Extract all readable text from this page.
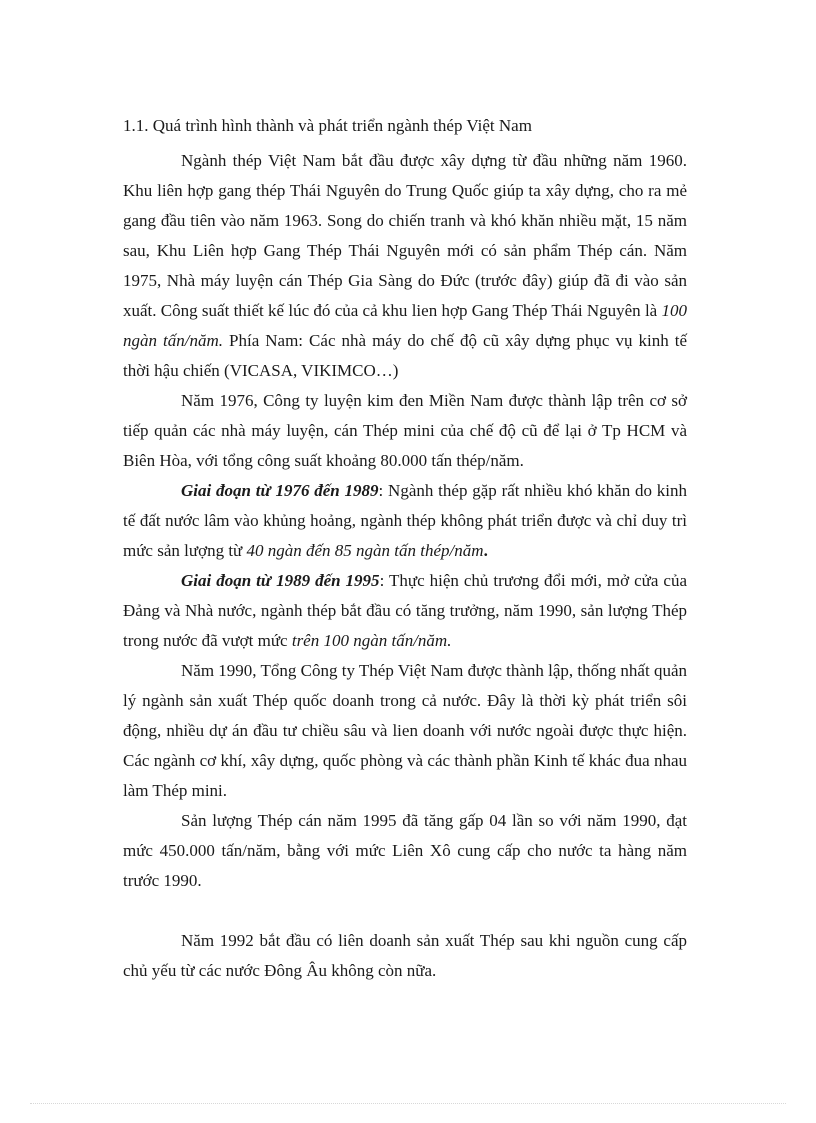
1.1. Quá trình hình thành và phát triển ngành thép Việt Nam

Ngành thép Việt Nam bắt đầu được xây dựng từ đầu những năm 1960. Khu liên hợp gang thép Thái Nguyên do Trung Quốc giúp ta xây dựng, cho ra mẻ gang đầu tiên vào năm 1963. Song do chiến tranh và khó khăn nhiều mặt, 15 năm sau, Khu Liên hợp Gang Thép Thái Nguyên mới có sản phẩm Thép cán. Năm 1975, Nhà máy luyện cán Thép Gia Sàng do Đức (trước đây) giúp đã đi vào sản xuất. Công suất thiết kế lúc đó của cả khu lien hợp Gang Thép Thái Nguyên là 100 ngàn tấn/năm. Phía Nam: Các nhà máy do chế độ cũ xây dựng phục vụ kinh tế thời hậu chiến (VICASA, VIKIMCO…)

Năm 1976, Công ty luyện kim đen Miền Nam được thành lập trên cơ sở tiếp quản các nhà máy luyện, cán Thép mini của chế độ cũ để lại ở Tp HCM và Biên Hòa, với tổng công suất khoảng 80.000 tấn thép/năm.

Giai đoạn từ 1976 đến 1989: Ngành thép gặp rất nhiều khó khăn do kinh tế đất nước lâm vào khủng hoảng, ngành thép không phát triển được và chỉ duy trì mức sản lượng từ 40 ngàn đến 85 ngàn tấn thép/năm.

Giai đoạn từ 1989 đến 1995: Thực hiện chủ trương đổi mới, mở cửa của Đảng và Nhà nước, ngành thép bắt đầu có tăng trưởng, năm 1990, sản lượng Thép trong nước đã vượt mức trên 100 ngàn tấn/năm.

Năm 1990, Tổng Công ty Thép Việt Nam được thành lập, thống nhất quản lý ngành sản xuất Thép quốc doanh trong cả nước. Đây là thời kỳ phát triển sôi động, nhiều dự án đầu tư chiều sâu và lien doanh với nước ngoài được thực hiện. Các ngành cơ khí, xây dựng, quốc phòng và các thành phần Kinh tế khác đua nhau làm Thép mini.

Sản lượng Thép cán năm 1995 đã tăng gấp 04 lần so với năm 1990, đạt mức 450.000 tấn/năm, bằng với mức Liên Xô cung cấp cho nước ta hàng năm trước 1990.

Năm 1992 bắt đầu có liên doanh sản xuất Thép sau khi nguồn cung cấp chủ yếu từ các nước Đông Âu không còn nữa.
